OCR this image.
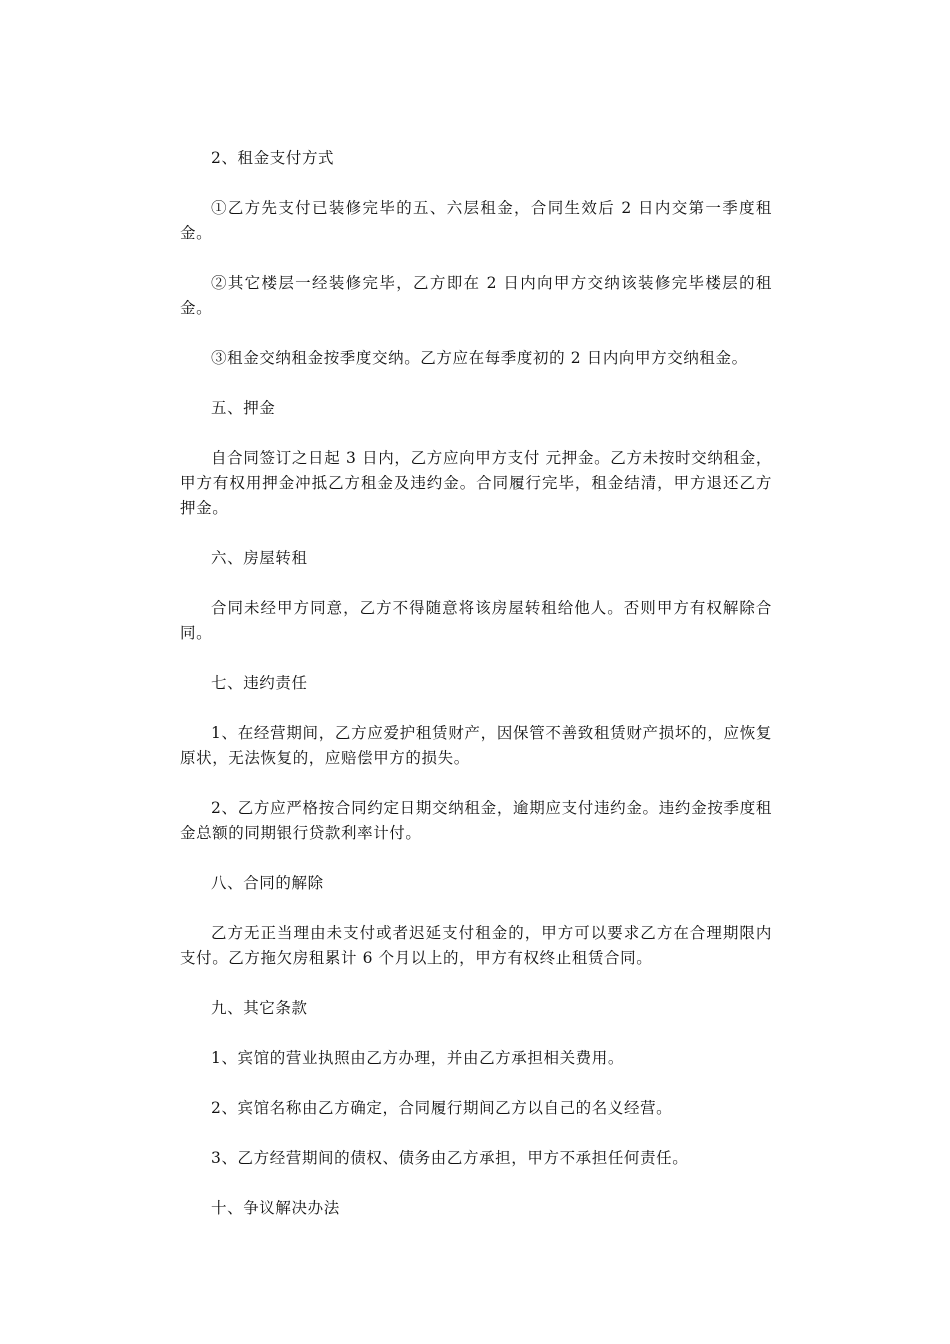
2、租金支付方式

①乙方先支付已装修完毕的五、六层租金，合同生效后 2 日内交第一季度租金。

②其它楼层一经装修完毕，乙方即在 2 日内向甲方交纳该装修完毕楼层的租金。

③租金交纳租金按季度交纳。乙方应在每季度初的 2 日内向甲方交纳租金。

五、押金

自合同签订之日起 3 日内，乙方应向甲方支付 元押金。乙方未按时交纳租金，甲方有权用押金冲抵乙方租金及违约金。合同履行完毕，租金结清，甲方退还乙方押金。

六、房屋转租

合同未经甲方同意，乙方不得随意将该房屋转租给他人。否则甲方有权解除合同。

七、违约责任

1、在经营期间，乙方应爱护租赁财产，因保管不善致租赁财产损坏的，应恢复原状，无法恢复的，应赔偿甲方的损失。

2、乙方应严格按合同约定日期交纳租金，逾期应支付违约金。违约金按季度租金总额的同期银行贷款利率计付。

八、合同的解除

乙方无正当理由未支付或者迟延支付租金的，甲方可以要求乙方在合理期限内支付。乙方拖欠房租累计 6 个月以上的，甲方有权终止租赁合同。

九、其它条款

1、宾馆的营业执照由乙方办理，并由乙方承担相关费用。

2、宾馆名称由乙方确定，合同履行期间乙方以自己的名义经营。

3、乙方经营期间的债权、债务由乙方承担，甲方不承担任何责任。

十、争议解决办法
